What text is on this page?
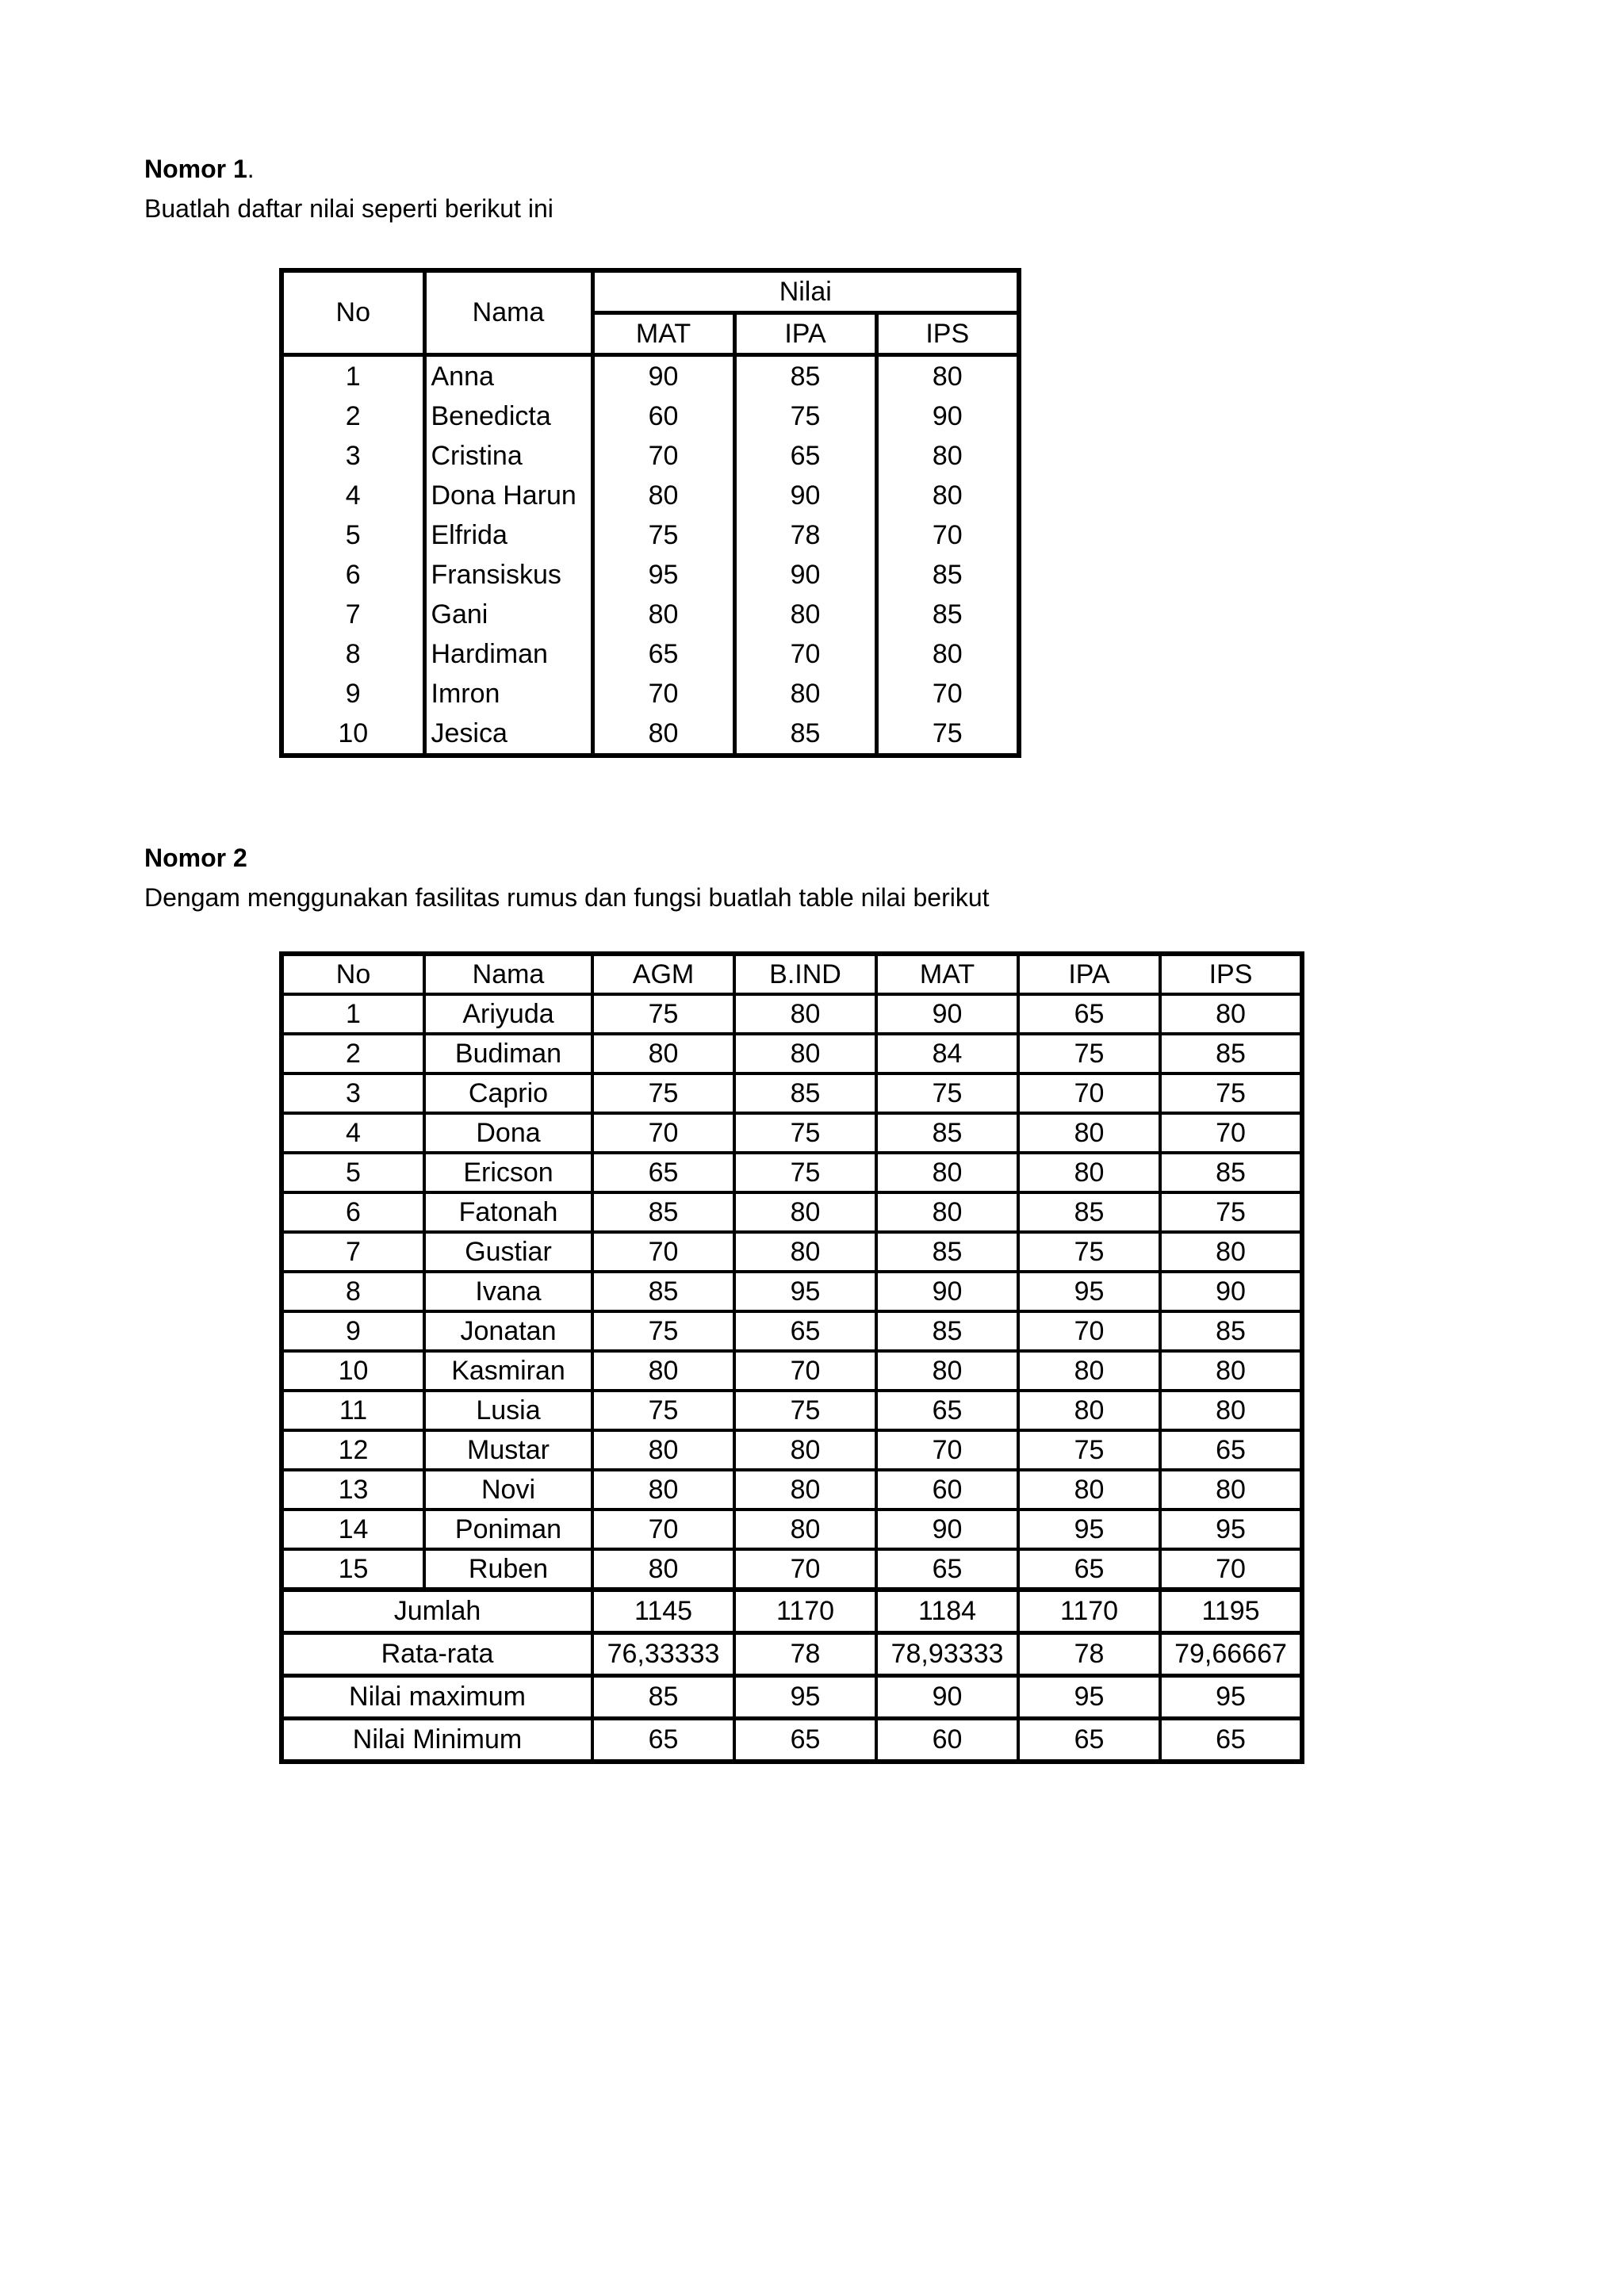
Nomor 1.
Buatlah daftar nilai seperti berikut ini
No	Nama	Nilai		
		MAT	IPA	IPS
1	Anna	90	85	80
2	Benedicta	60	75	90
3	Cristina	70	65	80
4	Dona Harun	80	90	80
5	Elfrida	75	78	70
6	Fransiskus	95	90	85
7	Gani	80	80	85
8	Hardiman	65	70	80
9	Imron	70	80	70
10	Jesica	80	85	75
Nomor 2
Dengam menggunakan fasilitas rumus dan fungsi buatlah table nilai berikut
No	Nama	AGM	B.IND	MAT	IPA	IPS
1	Ariyuda	75	80	90	65	80
2	Budiman	80	80	84	75	85
3	Caprio	75	85	75	70	75
4	Dona	70	75	85	80	70
5	Ericson	65	75	80	80	85
6	Fatonah	85	80	80	85	75
7	Gustiar	70	80	85	75	80
8	Ivana	85	95	90	95	90
9	Jonatan	75	65	85	70	85
10	Kasmiran	80	70	80	80	80
11	Lusia	75	75	65	80	80
12	Mustar	80	80	70	75	65
13	Novi	80	80	60	80	80
14	Poniman	70	80	90	95	95
15	Ruben	80	70	65	65	70
Jumlah		1145	1170	1184	1170	1195
Rata-rata		76,33333	78	78,93333	78	79,66667
Nilai maximum		85	95	90	95	95
Nilai Minimum		65	65	60	65	65
